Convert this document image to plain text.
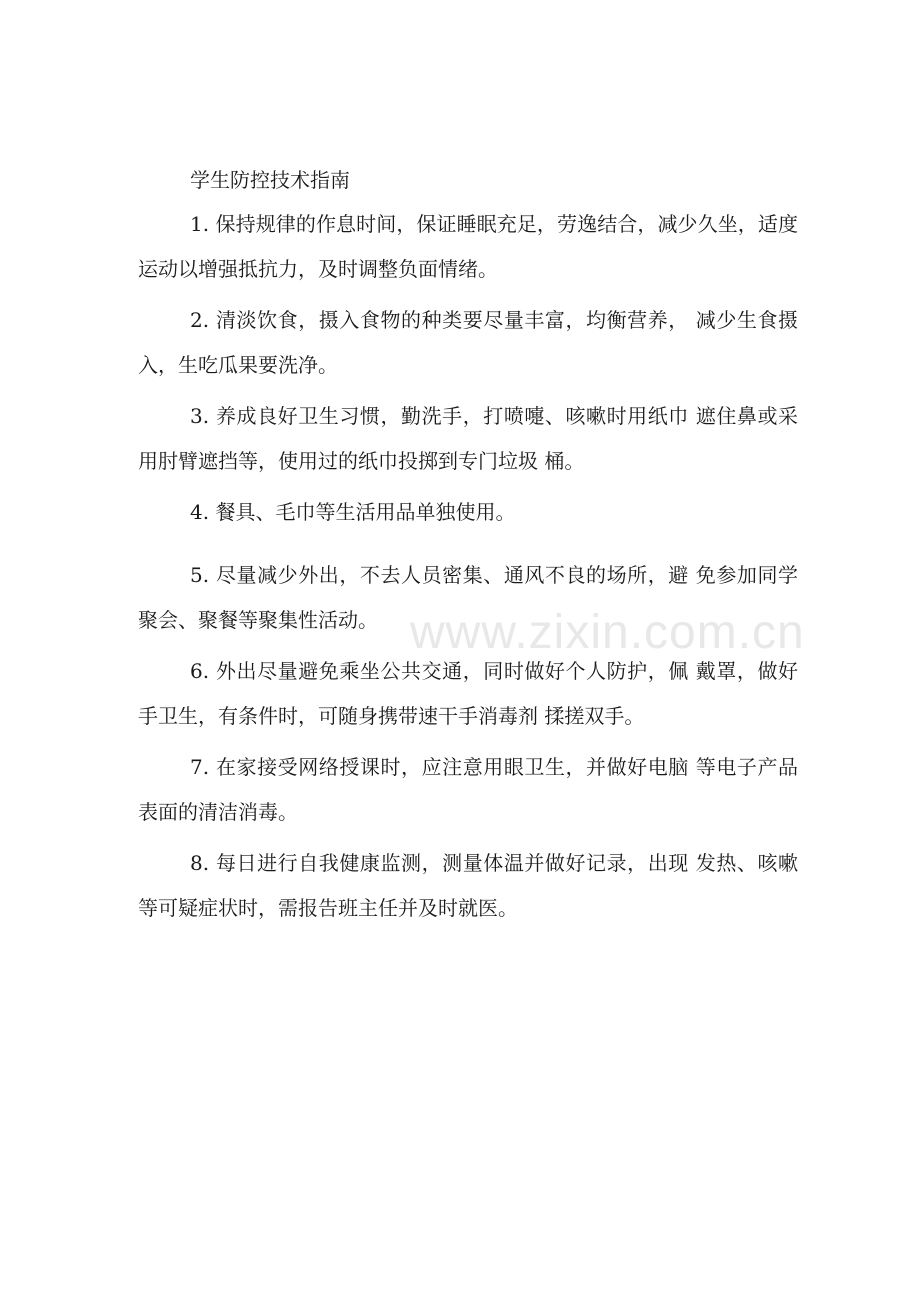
www.zixin.com.cn

学生防控技术指南

1. 保持规律的作息时间，保证睡眠充足，劳逸结合，减少久坐，适度运动以增强抵抗力，及时调整负面情绪。

2. 清淡饮食，摄入食物的种类要尽量丰富，均衡营养， 减少生食摄入，生吃瓜果要洗净。

3. 养成良好卫生习惯，勤洗手，打喷嚏、咳嗽时用纸巾 遮住鼻或采用肘臂遮挡等，使用过的纸巾投掷到专门垃圾 桶。

4. 餐具、毛巾等生活用品单独使用。

5. 尽量减少外出，不去人员密集、通风不良的场所，避 免参加同学聚会、聚餐等聚集性活动。

6. 外出尽量避免乘坐公共交通，同时做好个人防护，佩 戴罩，做好手卫生，有条件时，可随身携带速干手消毒剂 揉搓双手。

7. 在家接受网络授课时，应注意用眼卫生，并做好电脑 等电子产品表面的清洁消毒。

8. 每日进行自我健康监测，测量体温并做好记录，出现 发热、咳嗽等可疑症状时，需报告班主任并及时就医。
